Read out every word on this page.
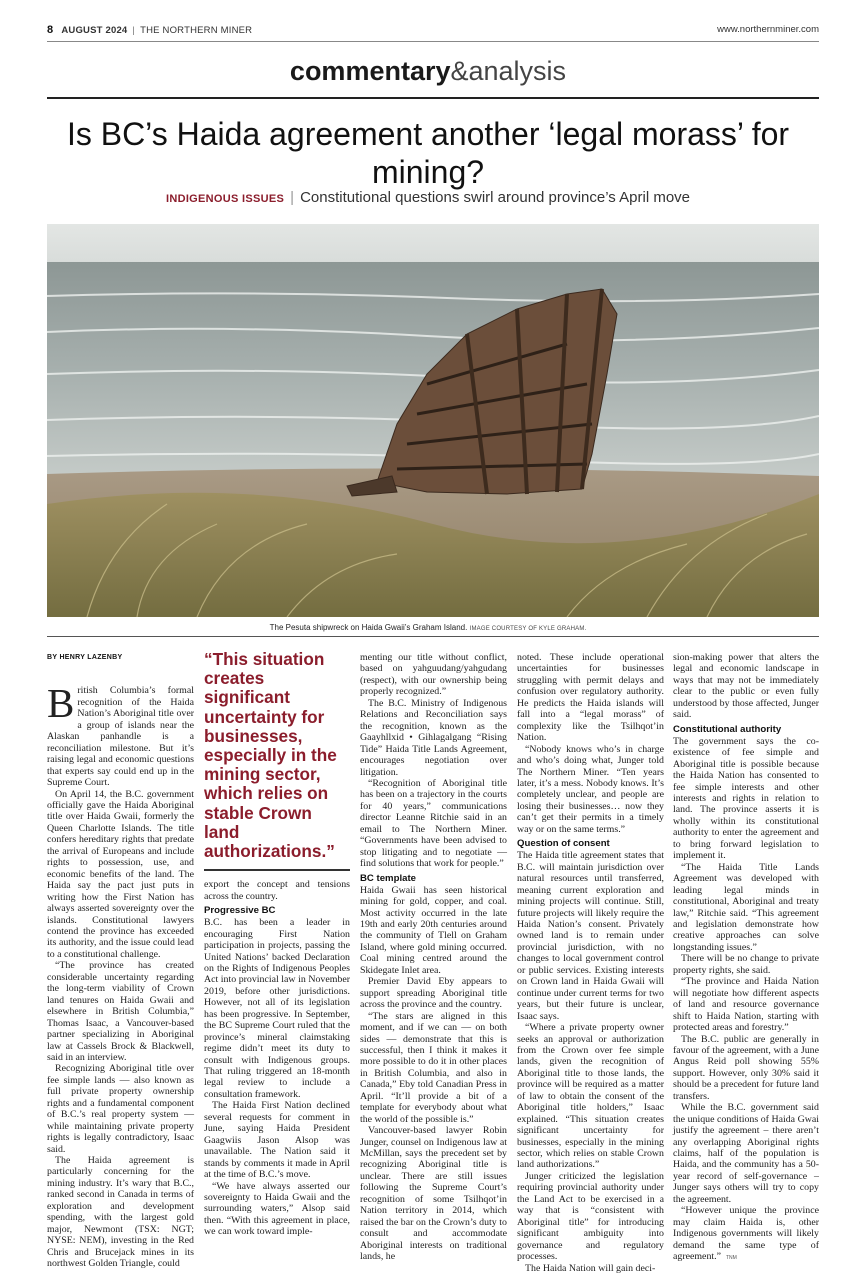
8 AUGUST 2024 | THE NORTHERN MINER	www.northernminer.com
commentary&analysis
Is BC’s Haida agreement another ‘legal morass’ for mining?
INDIGENOUS ISSUES | Constitutional questions swirl around province’s April move
The Pesuta shipwreck on Haida Gwaii’s Graham Island. IMAGE COURTESY OF KYLE GRAHAM.
BY HENRY LAZENBY

British Columbia’s formal recognition of the Haida Nation’s Aboriginal title over a group of islands near the Alaskan panhandle is a reconciliation milestone. But it’s raising legal and economic questions that experts say could end up in the Supreme Court.

On April 14, the B.C. government officially gave the Haida Aboriginal title over Haida Gwaii, formerly the Queen Charlotte Islands. The title confers hereditary rights that predate the arrival of Europeans and include rights to possession, use, and economic benefits of the land. The Haida say the pact just puts in writing how the First Nation has always asserted sovereignty over the islands. Constitutional lawyers contend the province has exceeded its authority, and the issue could lead to a constitutional challenge.

“The province has created considerable uncertainty regarding the long-term viability of Crown land tenures on Haida Gwaii and elsewhere in British Columbia,” Thomas Isaac, a Vancouver-based partner specializing in Aboriginal law at Cassels Brock & Blackwell, said in an interview.

Recognizing Aboriginal title over fee simple lands — also known as full private property ownership rights and a fundamental component of B.C.’s real property system — while maintaining private property rights is legally contradictory, Isaac said.

The Haida agreement is particularly concerning for the mining industry. It’s wary that B.C., ranked second in Canada in terms of exploration and development spending, with the largest gold major, Newmont (TSX: NGT; NYSE: NEM), investing in the Red Chris and Brucejack mines in its northwest Golden Triangle, could

“This situation creates significant uncertainty for businesses, especially in the mining sector, which relies on stable Crown land authorizations.”

export the concept and tensions across the country.

Progressive BC

B.C. has been a leader in encouraging First Nation participation in projects, passing the United Nations’ backed Declaration on the Rights of Indigenous Peoples Act into provincial law in November 2019, before other jurisdictions. However, not all of its legislation has been progressive. In September, the BC Supreme Court ruled that the province’s mineral claimstaking regime didn’t meet its duty to consult with Indigenous groups. That ruling triggered an 18-month legal review to include a consultation framework.

The Haida First Nation declined several requests for comment in June, saying Haida President Gaagwiis Jason Alsop was unavailable. The Nation said it stands by comments it made in April at the time of B.C.’s move.

“We have always asserted our sovereignty to Haida Gwaii and the surrounding waters,” Alsop said then. “With this agreement in place, we can work toward imple-

menting our title without conflict, based on yahguudang/yahgudang (respect), with our ownership being properly recognized.”

The B.C. Ministry of Indigenous Relations and Reconciliation says the recognition, known as the Gaayhllxid • Gihlagalgang “Rising Tide” Haida Title Lands Agreement, encourages negotiation over litigation.

“Recognition of Aboriginal title has been on a trajectory in the courts for 40 years,” communications director Leanne Ritchie said in an email to The Northern Miner. “Governments have been advised to stop litigating and to negotiate — find solutions that work for people.”

BC template

Haida Gwaii has seen historical mining for gold, copper, and coal. Most activity occurred in the late 19th and early 20th centuries around the community of Tlell on Graham Island, where gold mining occurred. Coal mining centred around the Skidegate Inlet area.

Premier David Eby appears to support spreading Aboriginal title across the province and the country.

“The stars are aligned in this moment, and if we can — on both sides — demonstrate that this is successful, then I think it makes it more possible to do it in other places in British Columbia, and also in Canada,” Eby told Canadian Press in April. “It’ll provide a bit of a template for everybody about what the world of the possible is.”

Vancouver-based lawyer Robin Junger, counsel on Indigenous law at McMillan, says the precedent set by recognizing Aboriginal title is unclear. There are still issues following the Supreme Court’s recognition of some Tsilhqot’in Nation territory in 2014, which raised the bar on the Crown’s duty to consult and accommodate Aboriginal interests on traditional lands, he

noted. These include operational uncertainties for businesses struggling with permit delays and confusion over regulatory authority. He predicts the Haida islands will fall into a “legal morass” of complexity like the Tsilhqot’in Nation.

“Nobody knows who’s in charge and who’s doing what, Junger told The Northern Miner. “Ten years later, it’s a mess. Nobody knows. It’s completely unclear, and people are losing their businesses… now they can’t get their permits in a timely way or on the same terms.”

Question of consent

The Haida title agreement states that B.C. will maintain jurisdiction over natural resources until transferred, meaning current exploration and mining projects will continue. Still, future projects will likely require the Haida Nation’s consent. Privately owned land is to remain under provincial jurisdiction, with no changes to local government control or public services. Existing interests on Crown land in Haida Gwaii will continue under current terms for two years, but their future is unclear, Isaac says.

“Where a private property owner seeks an approval or authorization from the Crown over fee simple lands, given the recognition of Aboriginal title to those lands, the province will be required as a matter of law to obtain the consent of the Aboriginal title holders,” Isaac explained. “This situation creates significant uncertainty for businesses, especially in the mining sector, which relies on stable Crown land authorizations.”

Junger criticized the legislation requiring provincial authority under the Land Act to be exercised in a way that is “consistent with Aboriginal title” for introducing significant ambiguity into governance and regulatory processes.

The Haida Nation will gain deci-

sion-making power that alters the legal and economic landscape in ways that may not be immediately clear to the public or even fully understood by those affected, Junger said.

Constitutional authority

The government says the co-existence of fee simple and Aboriginal title is possible because the Haida Nation has consented to fee simple interests and other interests and rights in relation to land. The province asserts it is wholly within its constitutional authority to enter the agreement and to bring forward legislation to implement it.

“The Haida Title Lands Agreement was developed with leading legal minds in constitutional, Aboriginal and treaty law,” Ritchie said. “This agreement and legislation demonstrate how creative approaches can solve longstanding issues.”

There will be no change to private property rights, she said.

“The province and Haida Nation will negotiate how different aspects of land and resource governance shift to Haida Nation, starting with protected areas and forestry.”

The B.C. public are generally in favour of the agreement, with a June Angus Reid poll showing 55% support. However, only 30% said it should be a precedent for future land transfers.

While the B.C. government said the unique conditions of Haida Gwai justify the agreement – there aren’t any overlapping Aboriginal rights claims, half of the population is Haida, and the community has a 50-year record of self-governance – Junger says others will try to copy the agreement.

“However unique the province may claim Haida is, other Indigenous governments will likely demand the same type of agreement.” TNM
